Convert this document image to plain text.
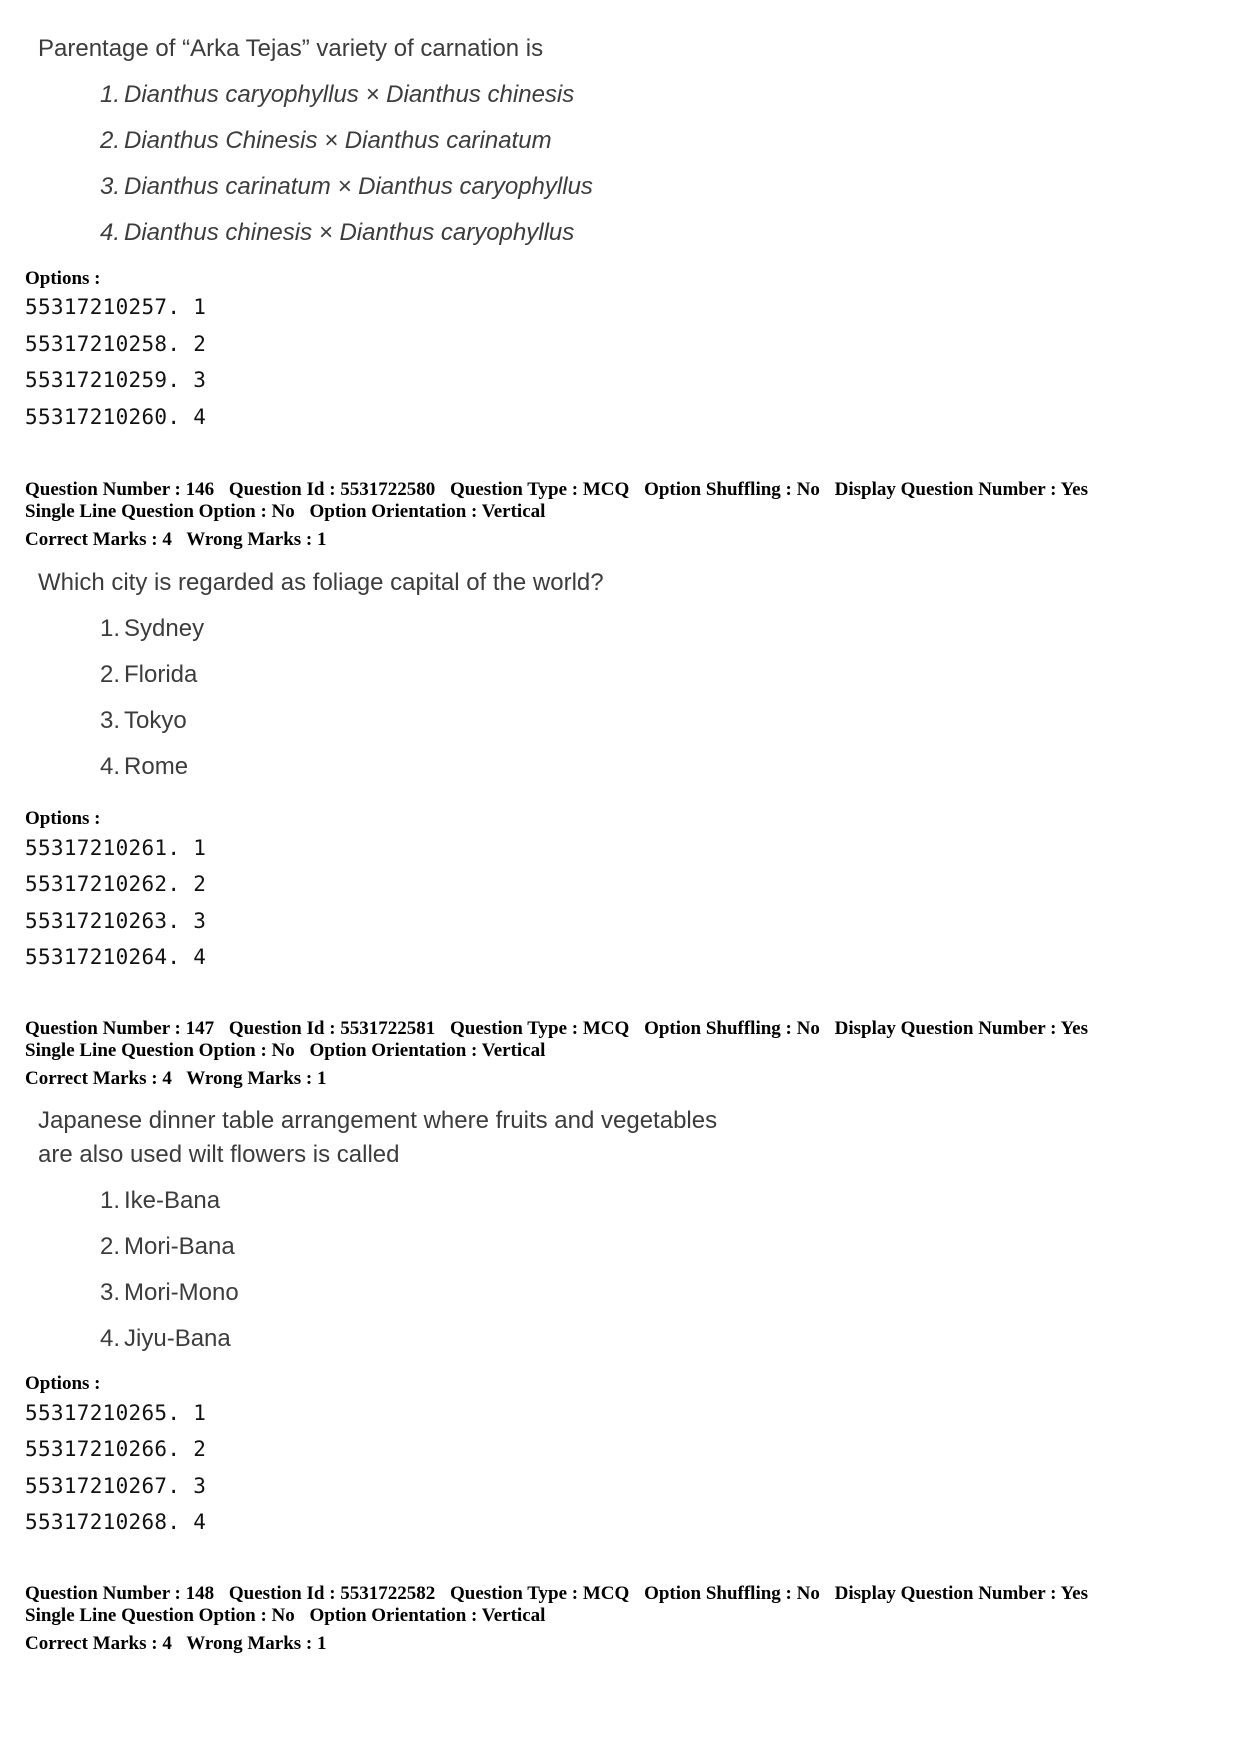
Parentage of “Arka Tejas” variety of carnation is

1. Dianthus caryophyllus × Dianthus chinesis
2. Dianthus Chinesis × Dianthus carinatum
3. Dianthus carinatum × Dianthus caryophyllus
4. Dianthus chinesis × Dianthus caryophyllus
Options :
55317210257. 1
55317210258. 2
55317210259. 3
55317210260. 4
Question Number : 146 Question Id : 5531722580 Question Type : MCQ Option Shuffling : No Display Question Number : Yes
Single Line Question Option : No Option Orientation : Vertical
Correct Marks : 4 Wrong Marks : 1

Which city is regarded as foliage capital of the world?

1. Sydney
2. Florida
3. Tokyo
4. Rome
Options :
55317210261. 1
55317210262. 2
55317210263. 3
55317210264. 4
Question Number : 147 Question Id : 5531722581 Question Type : MCQ Option Shuffling : No Display Question Number : Yes
Single Line Question Option : No Option Orientation : Vertical
Correct Marks : 4 Wrong Marks : 1

Japanese dinner table arrangement where fruits and vegetables

are also used wilt flowers is called

1. Ike-Bana
2. Mori-Bana
3. Mori-Mono
4. Jiyu-Bana
Options :
55317210265. 1
55317210266. 2
55317210267. 3
55317210268. 4
Question Number : 148 Question Id : 5531722582 Question Type : MCQ Option Shuffling : No Display Question Number : Yes
Single Line Question Option : No Option Orientation : Vertical
Correct Marks : 4 Wrong Marks : 1
